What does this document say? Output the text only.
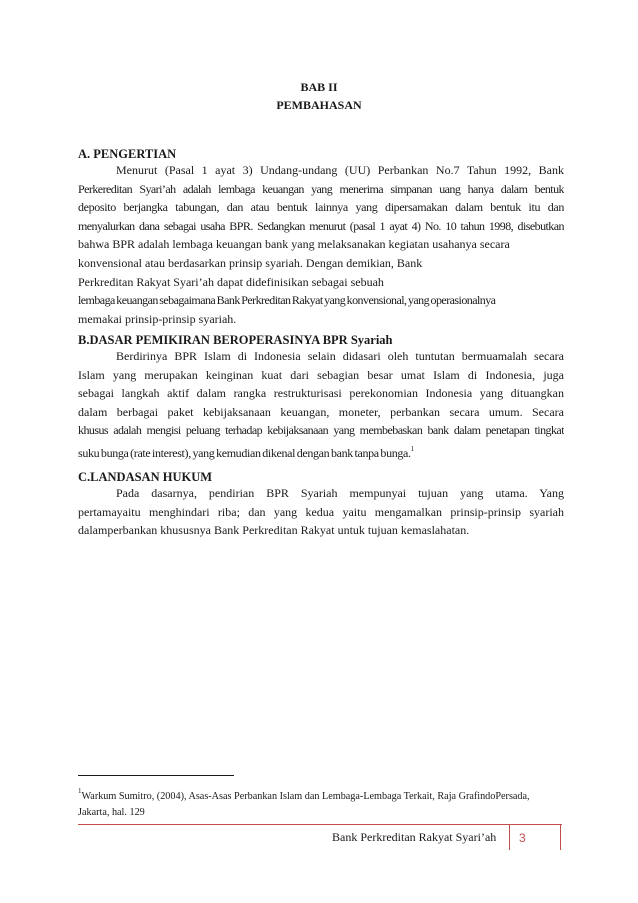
BAB II
PEMBAHASAN
A. PENGERTIAN
Menurut (Pasal 1 ayat 3) Undang-undang (UU) Perbankan No.7 Tahun 1992, Bank
Perkereditan Syari’ah adalah lembaga keuangan yang menerima simpanan uang hanya dalam bentuk
deposito berjangka tabungan, dan atau bentuk lainnya yang dipersamakan dalam bentuk itu dan
menyalurkan dana sebagai usaha BPR. Sedangkan menurut (pasal 1 ayat 4) No. 10 tahun 1998, disebutkan
bahwa BPR adalah lembaga keuangan bank yang melaksanakan kegiatan usahanya secara
konvensional atau berdasarkan prinsip syariah. Dengan demikian, Bank
Perkreditan Rakyat Syari’ah dapat didefinisikan sebagai sebuah
lembaga keuangan sebagaimana Bank Perkreditan Rakyat yang konvensional, yang operasionalnya
memakai prinsip-prinsip syariah.
B.DASAR PEMIKIRAN BEROPERASINYA BPR Syariah
Berdirinya BPR Islam di Indonesia selain didasari oleh tuntutan bermuamalah secara
Islam yang merupakan keinginan kuat dari sebagian besar umat Islam di Indonesia, juga
sebagai langkah aktif dalam rangka restrukturisasi perekonomian Indonesia yang dituangkan
dalam berbagai paket kebijaksanaan keuangan, moneter, perbankan secara umum. Secara
khusus adalah mengisi peluang terhadap kebijaksanaan yang membebaskan bank dalam penetapan tingkat
suku bunga (rate interest), yang kemudian dikenal dengan bank tanpa bunga.$^1$
C.LANDASAN HUKUM
Pada dasarnya, pendirian BPR Syariah mempunyai tujuan yang utama. Yang
pertamayaitu menghindari riba; dan yang kedua yaitu mengamalkan prinsip-prinsip syariah
dalamperbankan khususnya Bank Perkreditan Rakyat untuk tujuan kemaslahatan.
$^1$Warkum Sumitro, (2004), Asas-Asas Perbankan Islam dan Lembaga-Lembaga Terkait, Raja GrafindoPersada,
Jakarta, hal. 129
Bank Perkreditan Rakyat Syari’ah	3
